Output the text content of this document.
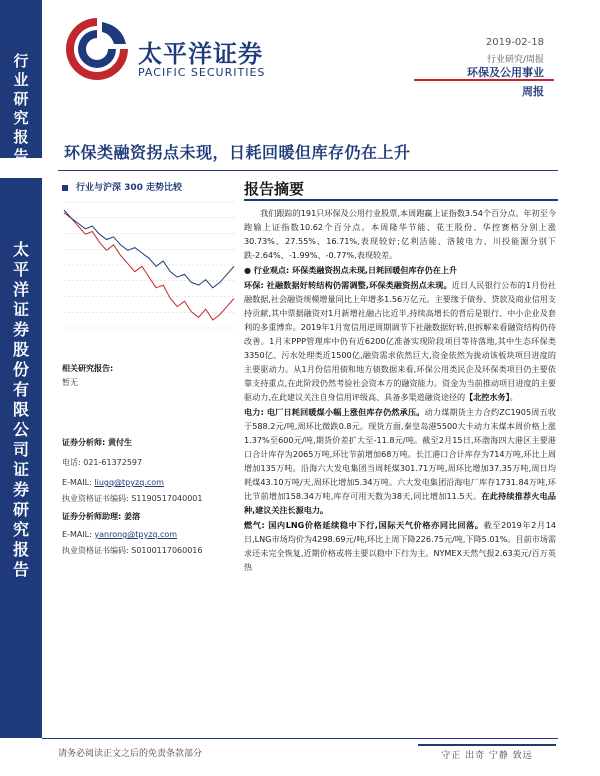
行
业
研
究
报
告
太
平
洋
证
券
股
份
有
限
公
司
证
券
研
究
报
告
太平洋证券
PACIFIC SECURITIES
2019-02-18
行业研究/周报
环保及公用事业
周报
环保类融资拐点未现，日耗回暖但库存仍在上升
行业与沪深 300 走势比较
相关研究报告:
暂无
证券分析师: 黄付生
电话: 021-61372597
E-MAIL: liugq@tpyzq.com
执业资格证书编码: S1190517040001
证券分析师助理: 姜溶
E-MAIL: yanrong@tpyzq.com
执业资格证书编码: S0100117060016
报告摘要

我们跟踪的191只环保及公用行业股票,本周跑赢上证指数3.54个百分点。年初至今跑输上证指数10.62个百分点。本周隆华节能、花王股份、华控赛格分别上涨30.73%、27.55%、16.71%,表现较好;亿利洁能、洛陵电力、川投能源分别下跌-2.64%、-1.99%、-0.77%,表现较差。

● 行业观点: 环保类融资拐点未现,日耗回暖但库存仍在上升

环保: 社融数据好转结构仍需调整,环保类融资拐点未现。近日人民银行公布的1月份社融数据,社会融资规模增量同比上年增多1.56万亿元。主要缘于债券、贷款及商业信用支持贡献,其中票据融资对1月新增社融占比近半,持续高增长的背后是银行、中小企业及套利的多重博弈。2019年1月宽信用逆周期调节下社融数据好转,但拆解来看融资结构仍待改善。1月末PPP管理库中仍有近6200亿准备实现阶段项目等待落地,其中生态环保类3350亿、污水处理类近1500亿,融资需求依然巨大,资金依然为拢动该板块项目进度的主要驱动力。从1月份信用债和地方债数据来看,环保公用类民企及环保类项目仍主要依靠支持重点,在此阶段仍然考验社会资本方的融资能力。资金为当前推动项目进度的主要驱动力,在此建议关注自身信用评级高、具备多渠道融资途径的【北控水务】。

电力: 电厂日耗回暖煤小幅上涨但库存仍然承压。动力煤期货主力合约ZC1905周五收于588.2元/吨,周环比微跌0.8元。现货方面,秦皇岛港5500大卡动力末煤本周价格上涨1.37%至600元/吨,期货价差扩大至-11.8元/吨。截至2月15日,环渤海四大港区主要港口合计库存为2065万吨,环比节前增加68万吨。长江港口合计库存为714万吨,环比上周增加135万吨。沿海六大发电集团当周耗煤301.71万吨,周环比增加37.35万吨,周日均耗煤43.10万吨/天,周环比增加5.34万吨。六大发电集团沿海电厂库存1731.84万吨,环比节前增加158.34万吨,库存可用天数为38天,同比增加11.5天。在此持续推荐火电品种,建议关注长源电力。

燃气: 国内LNG价格延续稳中下行,国际天气价格亦同比回落。截至2019年2月14日,LNG市场均价为4298.69元/吨,环比上周下降226.75元/吨,下降5.01%。目前市场需求还未完全恢复,近期价格或将主要以稳中下行为主。NYMEX天然气报2.63美元/百万英热

请务必阅读正文之后的免责条款部分	守正 出奇 宁静 致远
